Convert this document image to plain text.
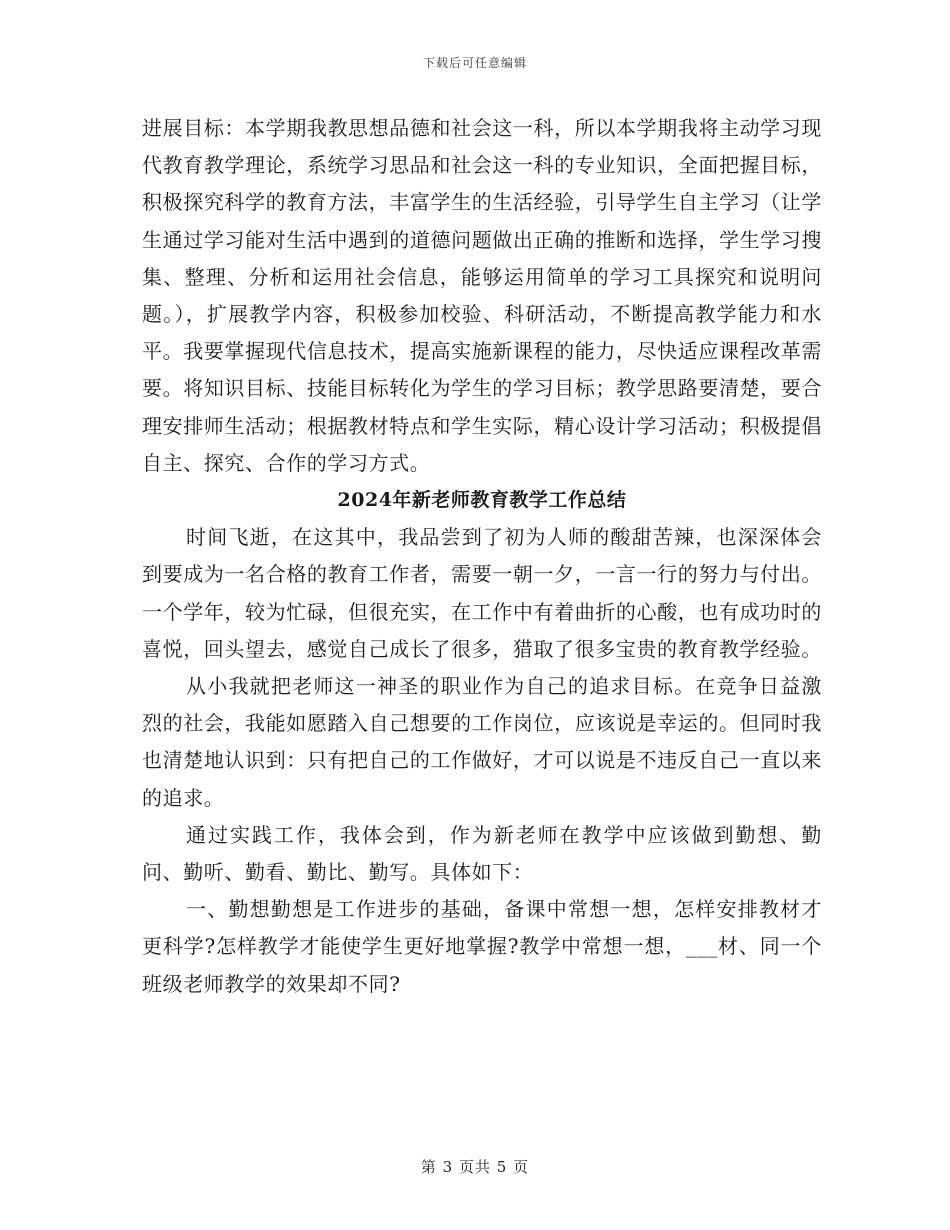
下载后可任意编辑

进展目标：本学期我教思想品德和社会这一科，所以本学期我将主动学习现代教育教学理论，系统学习思品和社会这一科的专业知识，全面把握目标，积极探究科学的教育方法，丰富学生的生活经验，引导学生自主学习（让学生通过学习能对生活中遇到的道德问题做出正确的推断和选择，学生学习搜集、整理、分析和运用社会信息，能够运用简单的学习工具探究和说明问题。），扩展教学内容，积极参加校验、科研活动，不断提高教学能力和水平。我要掌握现代信息技术，提高实施新课程的能力，尽快适应课程改革需要。将知识目标、技能目标转化为学生的学习目标；教学思路要清楚，要合理安排师生活动；根据教材特点和学生实际，精心设计学习活动；积极提倡自主、探究、合作的学习方式。

2024年新老师教育教学工作总结

时间飞逝，在这其中，我品尝到了初为人师的酸甜苦辣，也深深体会到要成为一名合格的教育工作者，需要一朝一夕，一言一行的努力与付出。一个学年，较为忙碌，但很充实，在工作中有着曲折的心酸，也有成功时的喜悦，回头望去，感觉自己成长了很多，猎取了很多宝贵的教育教学经验。

从小我就把老师这一神圣的职业作为自己的追求目标。在竞争日益激烈的社会，我能如愿踏入自己想要的工作岗位，应该说是幸运的。但同时我也清楚地认识到：只有把自己的工作做好，才可以说是不违反自己一直以来的追求。

通过实践工作，我体会到，作为新老师在教学中应该做到勤想、勤问、勤听、勤看、勤比、勤写。具体如下：

一、勤想勤想是工作进步的基础，备课中常想一想，怎样安排教材才更科学?怎样教学才能使学生更好地掌握?教学中常想一想，___材、同一个班级老师教学的效果却不同?

第 3 页共 5 页
